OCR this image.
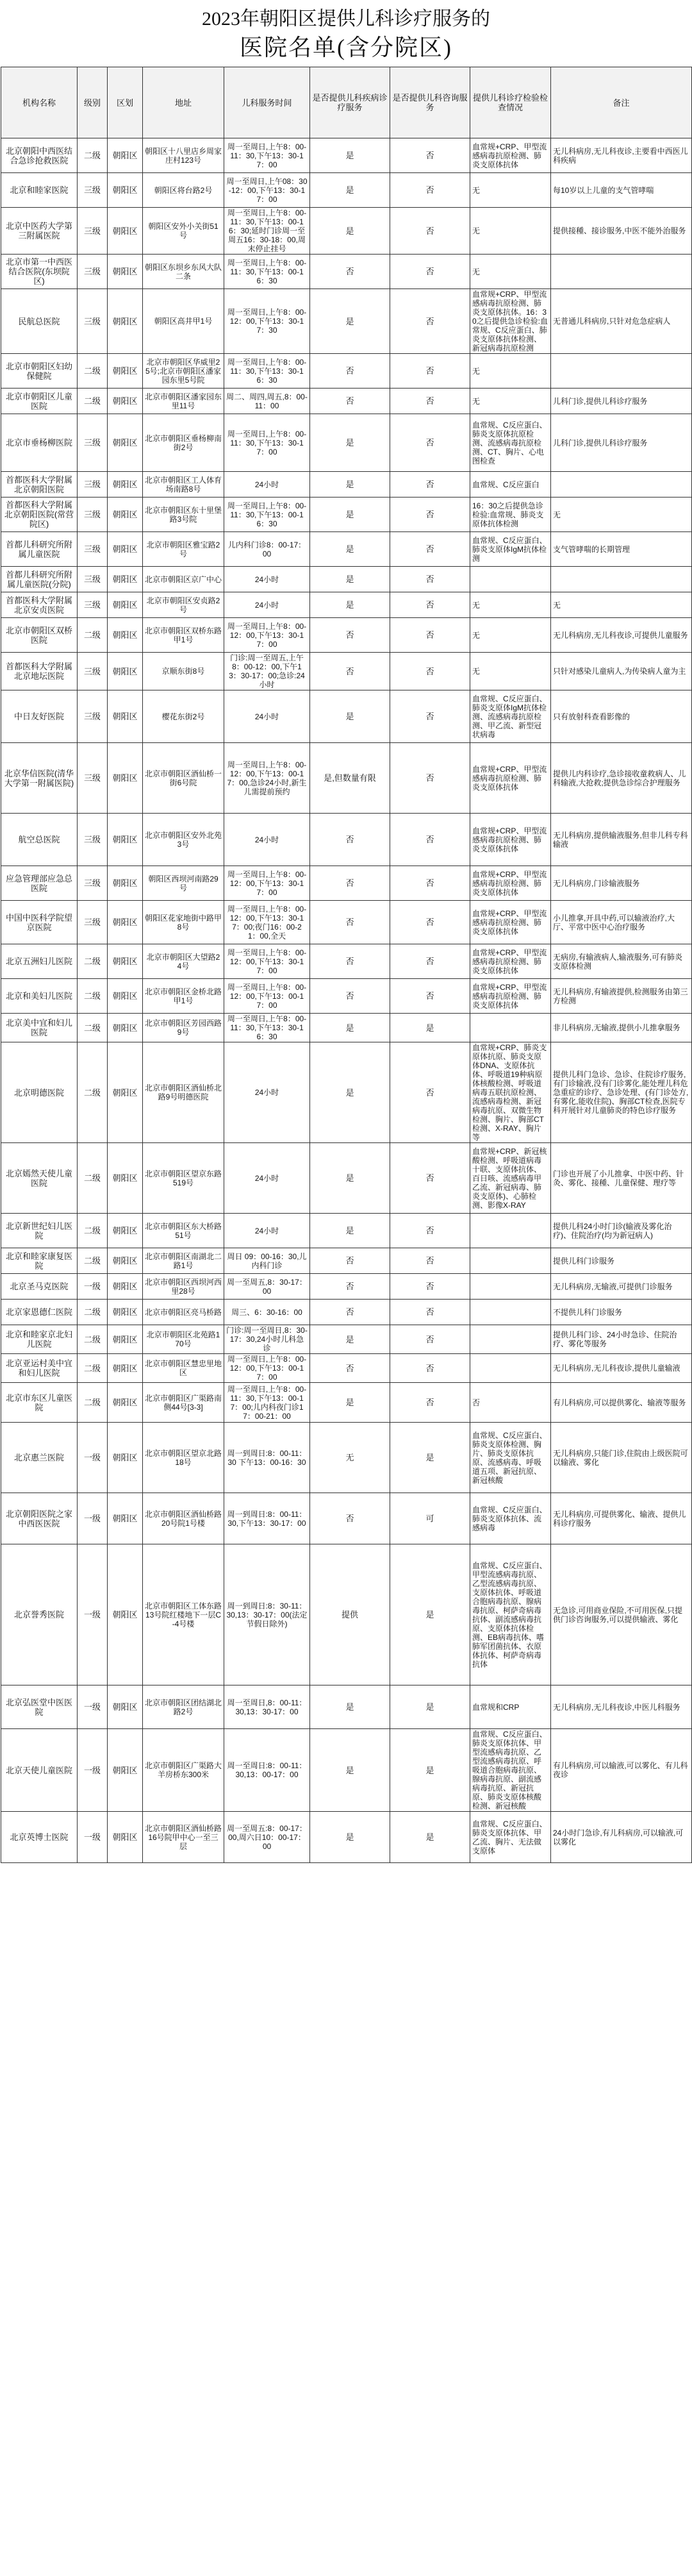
2023年朝阳区提供儿科诊疗服务的
医院名单(含分院区)
机构名称	级别	区划	地址	儿科服务时间	是否提供儿科疾病诊疗服务	是否提供儿科咨询服务	提供儿科诊疗检验检查情况	备注
北京朝阳中西医结合急诊抢救医院	二级	朝阳区	朝阳区十八里店乡周家庄村123号	周一至周日,上午8：00-11：30,下午13：30-17：00	是	否	血常规+CRP、甲型流感病毒抗原检测、肺炎支原体抗体	无儿科病房,无儿科夜诊,主要看中西医儿科疾病
北京和睦家医院	三级	朝阳区	朝阳区将台路2号	周一至周日,上午08：30-12：00,下午13：30-17：00	是	否	无	每10岁以上儿童的支气管哮喘
北京中医药大学第三附属医院	三级	朝阳区	朝阳区安外小关街51号	周一至周日,上午8：00-11：30,下午13：00-16：30;延时门诊周一至周五16：30-18：00,周末停止挂号	是	否	无	提供接種、接诊服务,中医不能外治服务
北京市第一中西医结合医院(东坝院区)	三级	朝阳区	朝阳区东坝乡东风大队二条	周一至周日,上午8：00-11：30,下午13：00-16：30	否	否	无	
民航总医院	三级	朝阳区	朝阳区高井甲1号	周一至周日,上午8：00-12：00,下午13：30-17：30	是	否	血常规+CRP、甲型流感病毒抗原检测、肺炎支原体抗体。16：30之后提供急诊检验:血常规、C反应蛋白、肺炎支原体抗体检测、新冠病毒抗原检测	无普通儿科病房,只针对危急症病人
北京市朝阳区妇幼保健院	二级	朝阳区	北京市朝阳区华威里25号;北京市朝阳区潘家园东里5号院	周一至周日,上午8：00-11：30,下午13：30-16：30	否	否	无	
北京市朝阳区儿童医院	二级	朝阳区	北京市朝阳区潘家园东里11号	周二、周四,周五,8：00-11：00	否	否	无	儿科门诊,提供儿科诊疗服务
北京市垂杨柳医院	三级	朝阳区	北京市朝阳区垂杨柳南街2号	周一至周日,上午8：00-11：30,下午13：30-17：00	是	否	血常规、C反应蛋白、肺炎支原体抗原检测、流感病毒抗原检测、CT、胸片、心电图检查	儿科门诊,提供儿科诊疗服务
首都医科大学附属北京朝阳医院	三级	朝阳区	北京市朝阳区工人体育场南路8号	24小时	是	否	血常规、C反应蛋白	
首都医科大学附属北京朝阳医院(常营院区)	三级	朝阳区	北京市朝阳区东十里堡路3号院	周一至周日,上午8：00-11：30,下午13：00-16：30	是	否	16：30之后提供急诊检验:血常规、肺炎支原体抗体检测	无
首都儿科研究所附属儿童医院	三级	朝阳区	北京市朝阳区雅宝路2号	儿内科门诊8：00-17：00	是	否	血常规、C反应蛋白、肺炎支原体IgM抗体检测	支气管哮喘的长期管理
首都儿科研究所附属儿童医院(分院)	三级	朝阳区	北京市朝阳区京广中心	24小时	是	否		
首都医科大学附属北京安贞医院	三级	朝阳区	北京市朝阳区安贞路2号	24小时	是	否	无	无
北京市朝阳区双桥医院	二级	朝阳区	北京市朝阳区双桥东路甲1号	周一至周日,上午8：00-12：00,下午13：30-17：00	否	否	无	无儿科病房,无儿科夜诊,可提供儿童服务
首都医科大学附属北京地坛医院	三级	朝阳区	京顺东街8号	门诊:周一至周五,上午8：00-12：00,下午13：30-17：00;急诊:24小时	否	否	无	只针对感染儿童病人,为传染病人童为主
中日友好医院	三级	朝阳区	樱花东街2号	24小时	是	否	血常规、C反应蛋白、肺炎支原体IgM抗体检测、流感病毒抗原检测、甲乙流、新型冠状病毒	只有放射科查看影像的
北京华信医院(清华大学第一附属医院)	三级	朝阳区	北京市朝阳区酒仙桥一街6号院	周一至周日,上午8：00-12：00,下午13：00-17：00,急诊24小时,新生儿需提前预约	是,但数量有限	否	血常规+CRP、甲型流感病毒抗原检测、肺炎支原体抗体	提供儿内科诊疗,急诊接收童救病人、儿科输液,大抢救;提供急诊综合护理服务
航空总医院	三级	朝阳区	北京市朝阳区安外北苑3号	24小时	否	否	血常规+CRP、甲型流感病毒抗原检测、肺炎支原体抗体	无儿科病房,提供输液服务,但非儿科专科输液
应急管理部应急总医院	三级	朝阳区	朝阳区西坝河南路29号	周一至周日,上午8：00-12：00,下午13：30-17：00	否	否	血常规+CRP、甲型流感病毒抗原检测、肺炎支原体抗体	无儿科病房,门诊输液服务
中国中医科学院望京医院	三级	朝阳区	朝阳区花家地街中路甲8号	周一至周日,上午8：00-12：00,下午13：30-17：00;夜门16：00-21：00,全天	否	否	血常规+CRP、甲型流感病毒抗原检测、肺炎支原体抗体	小儿推拿,开具中药,可以输液治疗,大厅、平常中医中心治疗服务
北京五洲妇儿医院	二级	朝阳区	北京市朝阳区大望路24号	周一至周日,上午8：00-12：00,下午13：30-17：00	否	否	血常规+CRP、甲型流感病毒抗原检测、肺炎支原体抗体	无病房,有输液病人,输液服务,可有肺炎支原体检测
北京和美妇儿医院	二级	朝阳区	北京市朝阳区金桥北路甲1号	周一至周日,上午8：00-12：00,下午13：00-17：00	否	否	血常规+CRP、甲型流感病毒抗原检测、肺炎支原体抗体	无儿科病房,有输液提供,检测服务由第三方检测
北京美中宜和妇儿医院	二级	朝阳区	北京市朝阳区芳园西路9号	周一至周日,上午8：00-11：30,下午13：30-16：30	是	是		非儿科病房,无输液,提供小儿推拿服务
北京明德医院	二级	朝阳区	北京市朝阳区酒仙桥北路9号明德医院	24小时	是	否	血常规+CRP、肺炎支原体抗原、肺炎支原体DNA、支原体抗体、呼吸道19种病原体核酸检测、呼吸道病毒五联抗原检测、流感病毒检测、新冠病毒抗原、双微生物检测、胸片、胸部CT检测、X-RAY、胸片等	提供儿科门急诊、急诊、住院诊疗服务,有门诊输液,没有门诊雾化,能处理儿科危急重症的诊疗、急诊处理、(有门诊处方,有雾化,能收住院)、胸部CT检查,医院专科开展针对儿童肺炎的特色诊疗服务
北京嫣然天使儿童医院	二级	朝阳区	北京市朝阳区望京东路519号	24小时	是	否	血常规+CRP、新冠核酸检测、呼吸道病毒十联、支原体抗体、百日咳、流感病毒甲乙流、新冠病毒、肺炎支原体)、心肺检测、影像X-RAY	门诊也开展了小儿推拿、中医中药、针灸、雾化、接種、儿童保健、理疗等
北京新世纪妇儿医院	二级	朝阳区	北京市朝阳区东大桥路51号	24小时	是	否		提供儿科24小时门诊(输液及雾化治疗)、住院治疗(均为新冠病人)
北京和睦家康复医院	二级	朝阳区	北京市朝阳区南湖北二路1号	周日 09：00-16：30,儿内科门诊	否	否		提供儿科门诊服务
北京圣马克医院	一级	朝阳区	北京市朝阳区西坝河西里28号	周一至周五,8：30-17：00	否	否		无儿科病房,无输液,可提供门诊服务
北京家恩德仁医院	二级	朝阳区	北京市朝阳区亮马桥路	周三、6：30-16：00	否	否		不提供儿科门诊服务
北京和睦家京北妇儿医院	二级	朝阳区	北京市朝阳区北苑路170号	门诊:周一至周日,8：30-17：30,24小时儿科急诊	是	否		提供儿科门诊、24小时急诊、住院治疗、雾化等服务
北京亚运村美中宜和妇儿医院	二级	朝阳区	北京市朝阳区慧忠里地区	周一至周日,上午8：00-12：00,下午13：00-17：00	否	否		无儿科病房,无儿科夜诊,提供儿童输液
北京市东区儿童医院	二级	朝阳区	北京市朝阳区广渠路南侧44号[3-3]	周一至周日,上午8：00-11：30,下午13：00-17：00;儿内科夜门诊17：00-21：00	是	否	否	有儿科病房,可以提供雾化、输液等服务
北京惠兰医院	一级	朝阳区	北京市朝阳区望京北路18号	周一到周日:8：00-11：30 下午13：00-16：30	无	是	血常规、C反应蛋白、肺炎支原体检测、胸片、肺炎支原体抗原、流感病毒、呼吸道五项、新冠抗原、新冠核酸	无儿科病房,只能门诊,住院由上级医院可以输液、雾化
北京朝阳医院之家中西医医院	一级	朝阳区	北京市朝阳区酒仙桥路20号院1号楼	周一到周日:8：00-11：30,下午13：30-17：00	否	可	血常规、C反应蛋白、肺炎支原体抗体、流感病毒	无儿科病房,可提供雾化、输液、提供儿科诊疗服务
北京誉秀医院	一级	朝阳区	北京市朝阳区工体东路13号院红楼地下一层C-4号楼	周一到周日:8：30-11：30,13：30-17：00(法定节假日除外)	提供	是	血常规、C反应蛋白、甲型流感病毒抗原、乙型流感病毒抗原、支原体抗体、呼吸道合胞病毒抗原、腺病毒抗原、柯萨奇病毒抗体、副流感病毒抗原、支原体抗体检测、EB病毒抗体、嗜肺军团菌抗体、衣原体抗体、柯萨奇病毒抗体	无急诊,可用商业保险,不可用医保,只提供门诊咨询服务,可以提供输液、雾化
北京弘医堂中医医院	一级	朝阳区	北京市朝阳区团结湖北路2号	周一至周日,8：00-11：30,13：30-17：00	是	是	血常规和CRP	无儿科病房,无儿科夜诊,中医儿科服务
北京天使儿童医院	一级	朝阳区	北京市朝阳区广渠路大羊房桥东300米	周一至周日:8：00-11：30,13：00-17：00	是	是	血常规、C反应蛋白、肺炎支原体抗体、甲型流感病毒抗原、乙型流感病毒抗原、呼吸道合胞病毒抗原、腺病毒抗原、副流感病毒抗原、新冠抗原、肺炎支原体核酸检测、新冠核酸	有儿科病房,可以输液,可以雾化、有儿科夜诊
北京英博士医院	一级	朝阳区	北京市朝阳区酒仙桥路16号院甲中心一至三层	周一至周五:8：00-17：00,周六日10：00-17：00	是	是	血常规、C反应蛋白、肺炎支原体抗体、甲乙流、胸片、无法做支原体	24小时门急诊,有儿科病房,可以输液,可以雾化
